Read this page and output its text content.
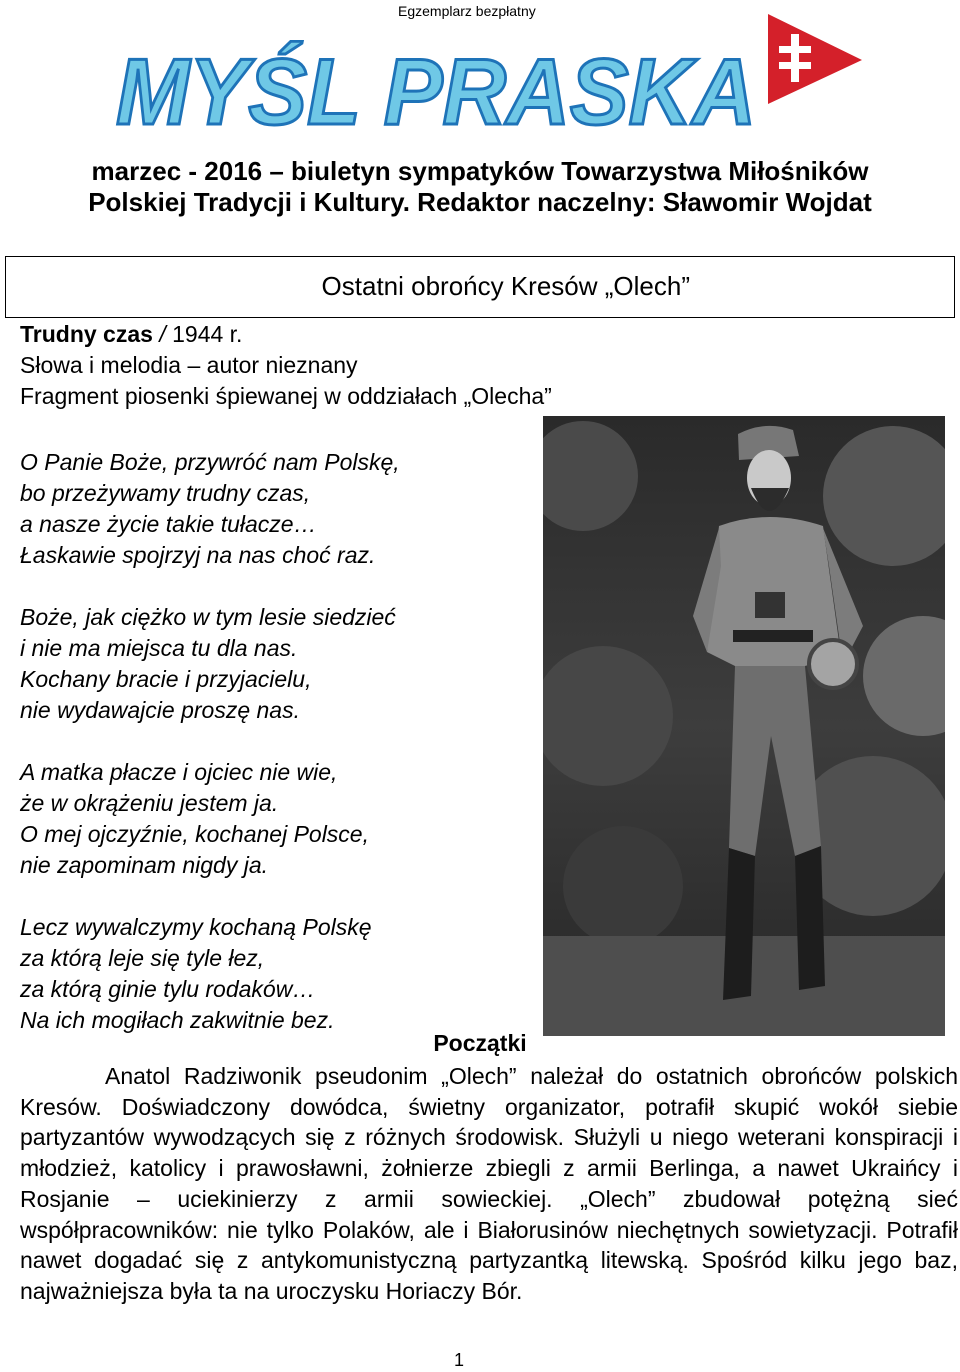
Egzemplarz bezpłatny
MYŚL PRASKA
marzec - 2016 – biuletyn sympatyków Towarzystwa Miłośników
Polskiej Tradycji i Kultury. Redaktor naczelny: Sławomir Wojdat
Ostatni obrońcy Kresów „Olech”
Trudny czas / 1944 r.
Słowa i melodia – autor nieznany
Fragment piosenki śpiewanej w oddziałach „Olecha”
O Panie Boże, przywróć nam Polskę,
bo przeżywamy trudny czas,
a nasze życie takie tułacze…
Łaskawie spojrzyj na nas choć raz.
Boże, jak ciężko w tym lesie siedzieć
i nie ma miejsca tu dla nas.
Kochany bracie i przyjacielu,
nie wydawajcie proszę nas.
A matka płacze i ojciec nie wie,
że w okrążeniu jestem ja.
O mej ojczyźnie, kochanej Polsce,
nie zapominam nigdy ja.
Lecz wywalczymy kochaną Polskę
za którą leje się tyle łez,
za którą ginie tylu rodaków…
Na ich mogiłach zakwitnie bez.
Początki

Anatol Radziwonik pseudonim „Olech” należał do ostatnich obrońców polskich Kresów. Doświadczony dowódca, świetny organizator, potrafił skupić wokół siebie partyzantów wywodzących się z różnych środowisk. Służyli u niego weterani konspiracji i młodzież, katolicy i prawosławni, żołnierze zbiegli z armii Berlinga, a nawet Ukraińcy i Rosjanie – uciekinierzy z armii sowieckiej. „Olech” zbudował potężną sieć współpracowników: nie tylko Polaków, ale i Białorusinów niechętnych sowietyzacji. Potrafił nawet dogadać się z antykomunistyczną partyzantką litewską. Spośród kilku jego baz, najważniejsza była ta na uroczysku Horiaczy Bór.

1
